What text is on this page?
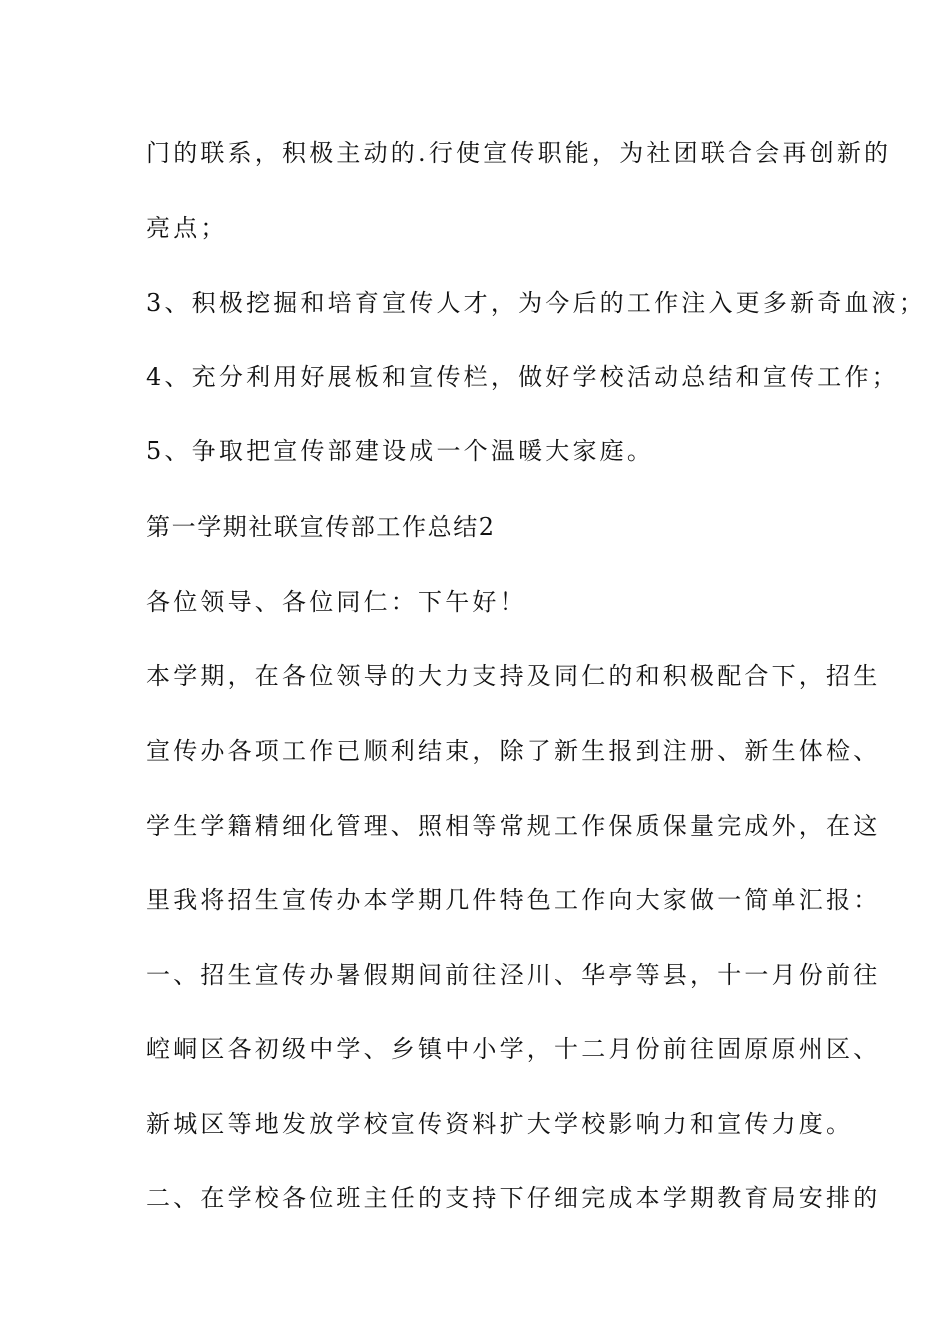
门的联系，积极主动的.行使宣传职能，为社团联合会再创新的
亮点；
3、积极挖掘和培育宣传人才，为今后的工作注入更多新奇血液；
4、充分利用好展板和宣传栏，做好学校活动总结和宣传工作；
5、争取把宣传部建设成一个温暖大家庭。
第一学期社联宣传部工作总结2
各位领导、各位同仁：下午好！
本学期，在各位领导的大力支持及同仁的和积极配合下，招生
宣传办各项工作已顺利结束，除了新生报到注册、新生体检、
学生学籍精细化管理、照相等常规工作保质保量完成外，在这
里我将招生宣传办本学期几件特色工作向大家做一简单汇报：
一、招生宣传办暑假期间前往泾川、华亭等县，十一月份前往
崆峒区各初级中学、乡镇中小学，十二月份前往固原原州区、
新城区等地发放学校宣传资料扩大学校影响力和宣传力度。
二、在学校各位班主任的支持下仔细完成本学期教育局安排的
